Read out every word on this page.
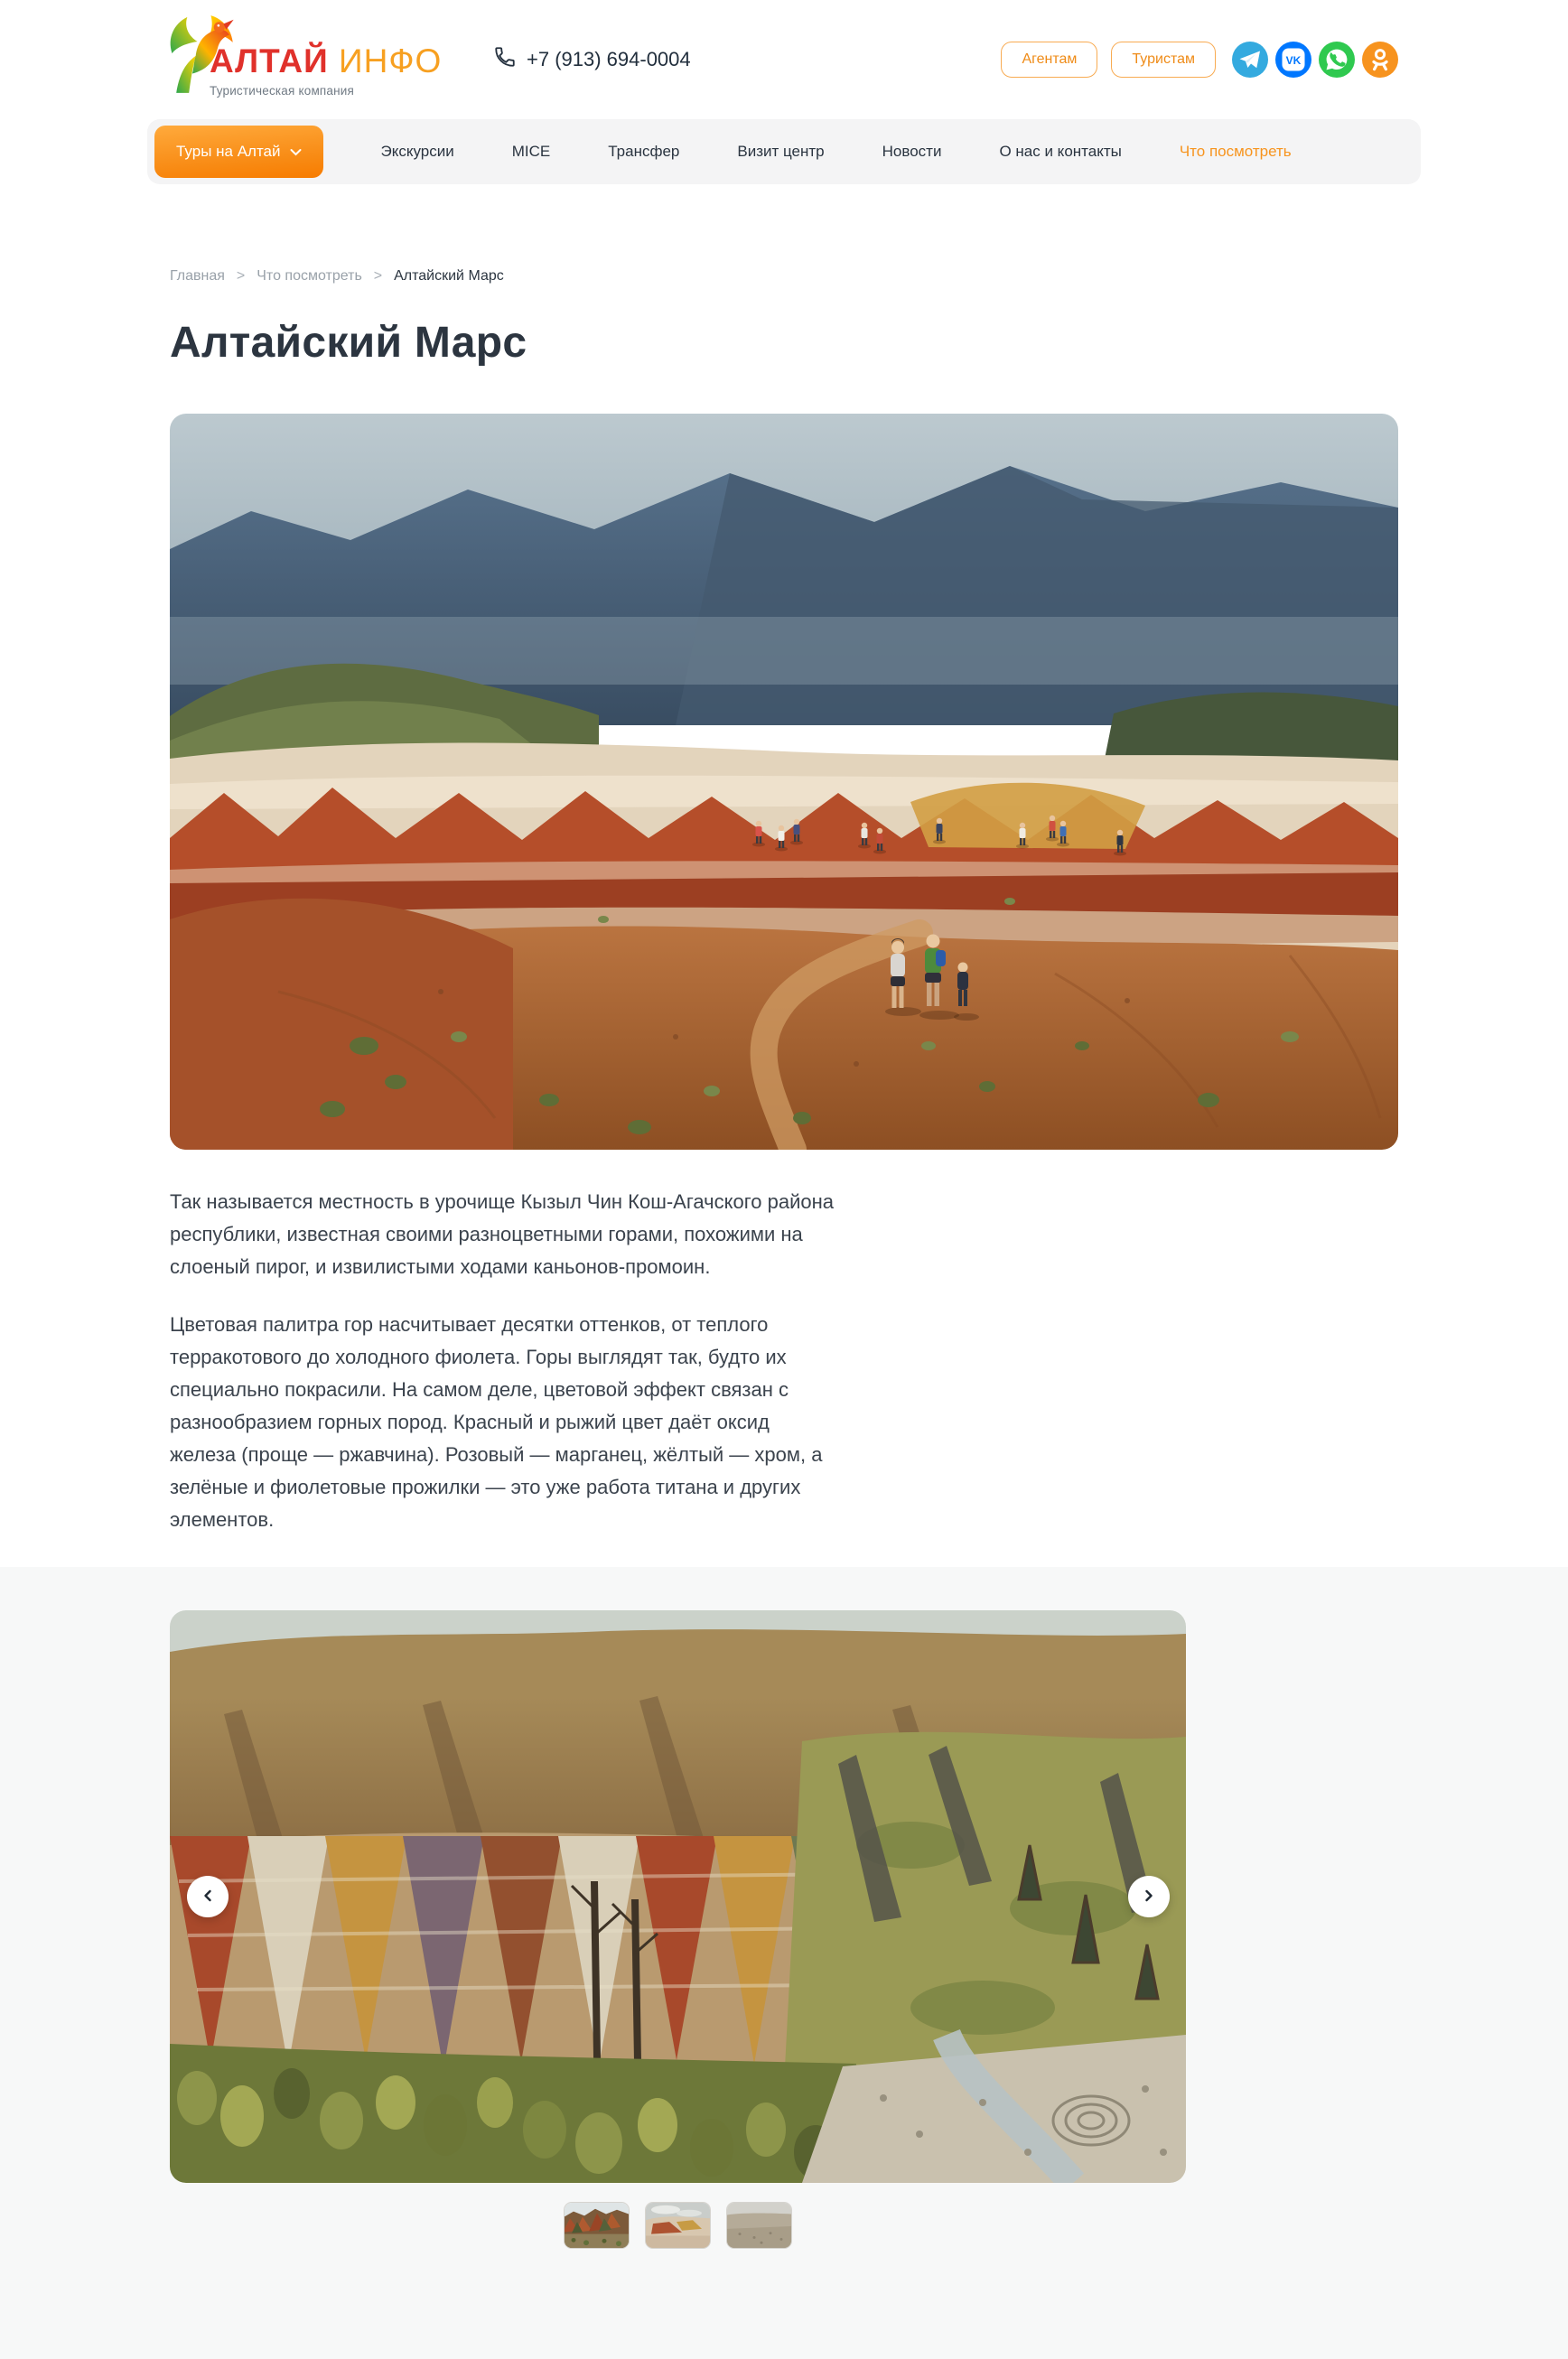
АЛТАЙ ИНФО
Туристическая компания
+7 (913) 694-0004	Агентам	Туристам	VK
Туры на Алтай	Экскурсии	MICE	Трансфер	Визит центр	Новости	О нас и контакты	Что посмотреть
Главная > Что посмотреть > Алтайский Марс
Алтайский Марс

Так называется местность в урочище Кызыл Чин Кош-Агачского района
республики, известная своими разноцветными горами, похожими на
слоеный пирог, и извилистыми ходами каньонов-промоин.

Цветовая палитра гор насчитывает десятки оттенков, от теплого
терракотового до холодного фиолета. Горы выглядят так, будто их
специально покрасили. На самом деле, цветовой эффект связан с
разнообразием горных пород. Красный и рыжий цвет даёт оксид
железа (проще — ржавчина). Розовый — марганец, жёлтый — хром, а
зелёные и фиолетовые прожилки — это уже работа титана и других
элементов.
